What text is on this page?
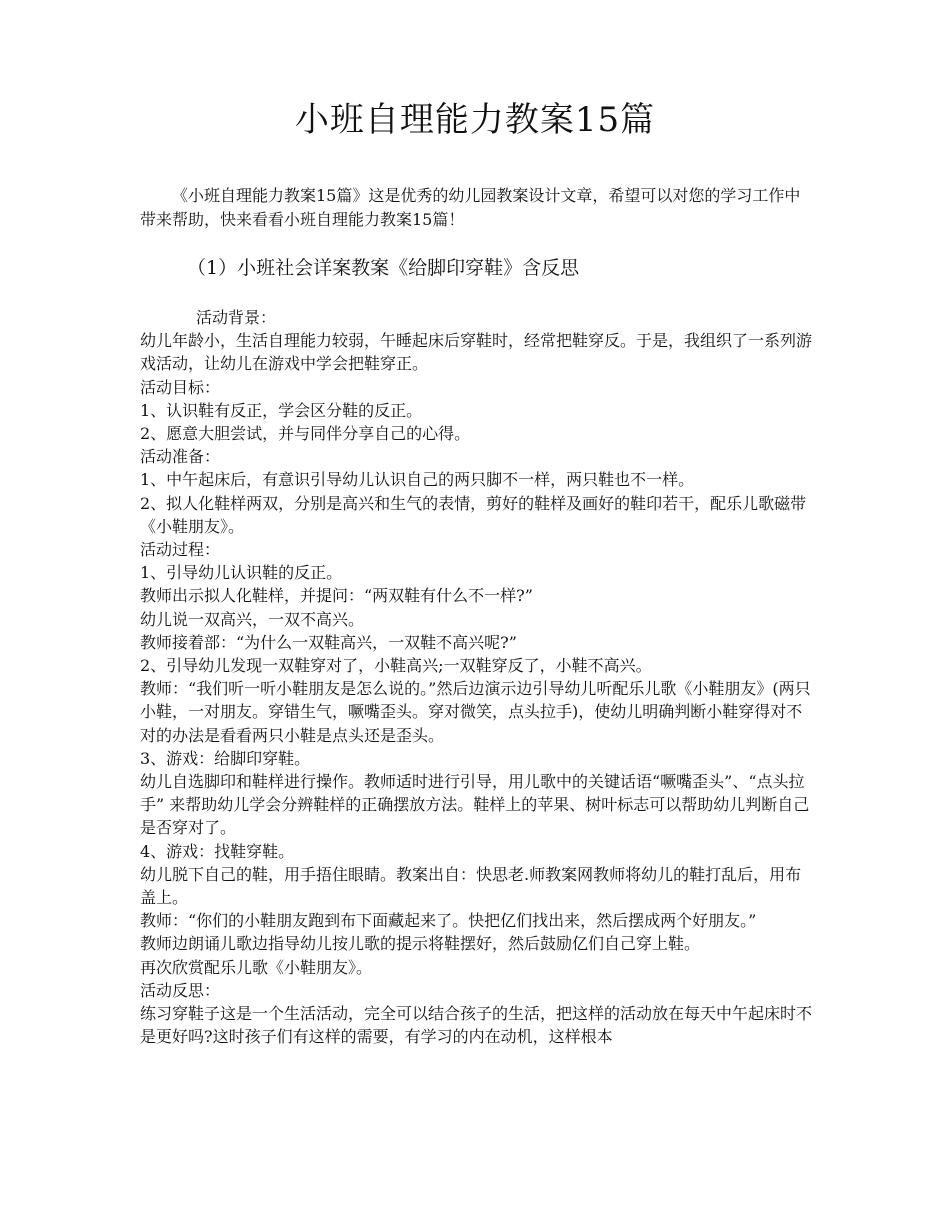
小班自理能力教案15篇

《小班自理能力教案15篇》这是优秀的幼儿园教案设计文章，希望可以对您的学习工作中带来帮助，快来看看小班自理能力教案15篇！

（1）小班社会详案教案《给脚印穿鞋》含反思

活动背景：

幼儿年龄小，生活自理能力较弱，午睡起床后穿鞋时，经常把鞋穿反。于是，我组织了一系列游戏活动，让幼儿在游戏中学会把鞋穿正。

活动目标：

1、认识鞋有反正，学会区分鞋的反正。

2、愿意大胆尝试，并与同伴分享自己的心得。

活动准备：

1、中午起床后，有意识引导幼儿认识自己的两只脚不一样，两只鞋也不一样。

2、拟人化鞋样两双，分别是高兴和生气的表情，剪好的鞋样及画好的鞋印若干，配乐儿歌磁带《小鞋朋友》。

活动过程：

1、引导幼儿认识鞋的反正。

教师出示拟人化鞋样，并提问：“两双鞋有什么不一样?”

幼儿说一双高兴，一双不高兴。

教师接着部：“为什么一双鞋高兴，一双鞋不高兴呢?”

2、引导幼儿发现一双鞋穿对了，小鞋高兴;一双鞋穿反了，小鞋不高兴。

教师：“我们听一听小鞋朋友是怎么说的。”然后边演示边引导幼儿听配乐儿歌《小鞋朋友》(两只小鞋，一对朋友。穿错生气，噘嘴歪头。穿对微笑，点头拉手)，使幼儿明确判断小鞋穿得对不对的办法是看看两只小鞋是点头还是歪头。

3、游戏：给脚印穿鞋。

幼儿自选脚印和鞋样进行操作。教师适时进行引导，用儿歌中的关键话语“噘嘴歪头”、“点头拉手” 来帮助幼儿学会分辨鞋样的正确摆放方法。鞋样上的苹果、树叶标志可以帮助幼儿判断自己是否穿对了。

4、游戏：找鞋穿鞋。

幼儿脱下自己的鞋，用手捂住眼睛。教案出自：快思老.师教案网教师将幼儿的鞋打乱后，用布盖上。

教师：“你们的小鞋朋友跑到布下面藏起来了。快把亿们找出来，然后摆成两个好朋友。”

教师边朗诵儿歌边指导幼儿按儿歌的提示将鞋摆好，然后鼓励亿们自己穿上鞋。

再次欣赏配乐儿歌《小鞋朋友》。

活动反思：

练习穿鞋子这是一个生活活动，完全可以结合孩子的生活，把这样的活动放在每天中午起床时不是更好吗?这时孩子们有这样的需要，有学习的内在动机，这样根本
